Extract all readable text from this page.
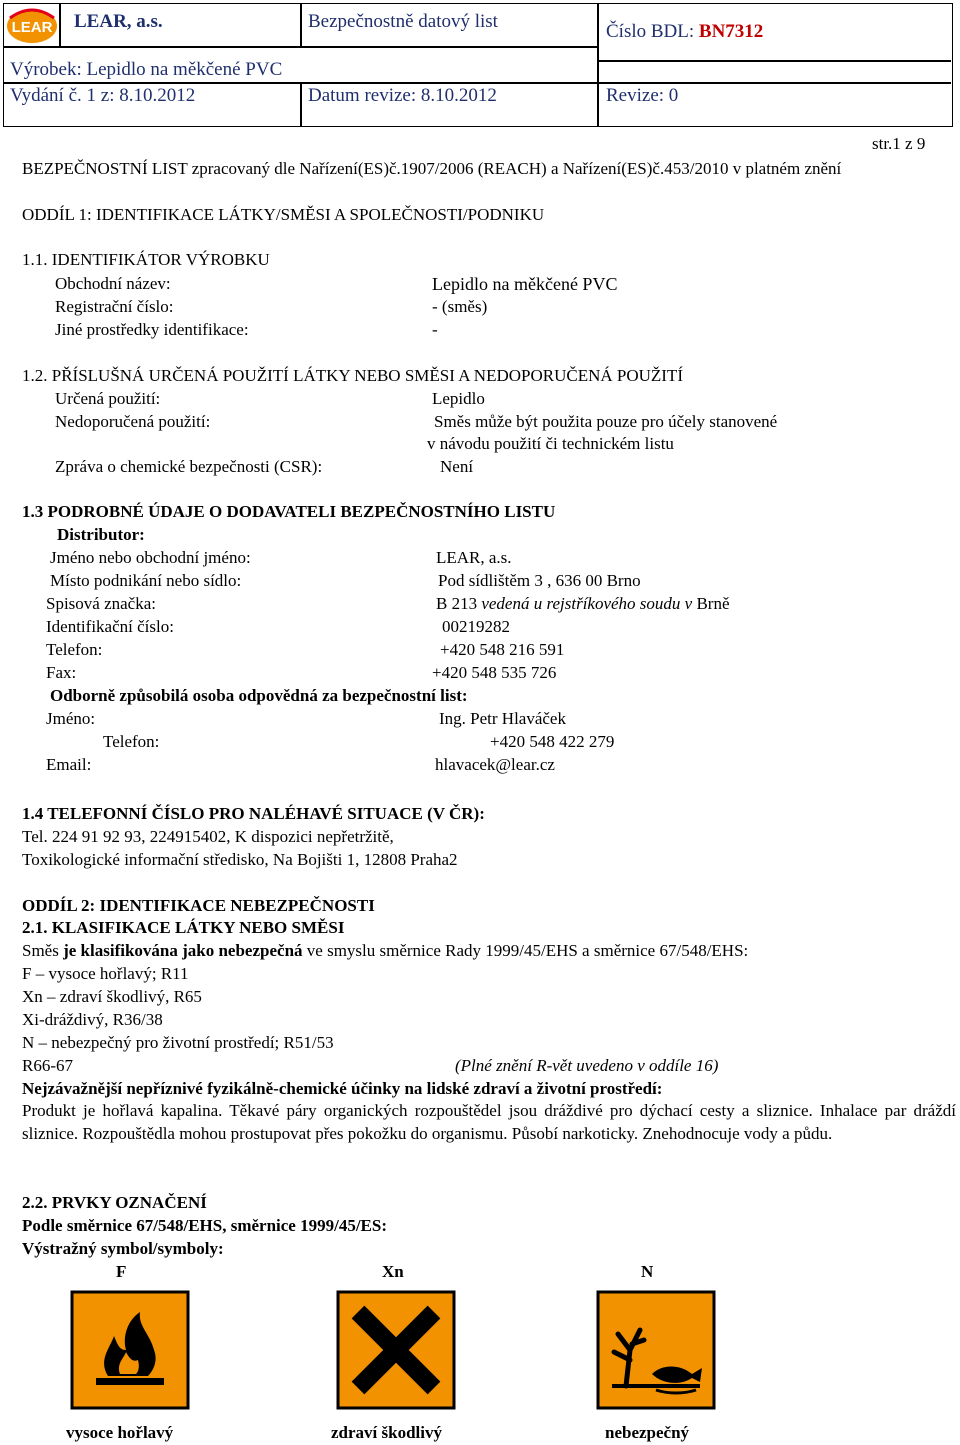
LEAR LEAR, a.s.	Bezpečnostně datový list	Číslo BDL: BN7312
Výrobek: Lepidlo na měkčené PVC
Vydání č. 1 z: 8.10.2012	Datum revize: 8.10.2012	Revize: 0
str.1 z 9
BEZPEČNOSTNÍ LIST zpracovaný dle Nařízení(ES)č.1907/2006 (REACH) a Nařízení(ES)č.453/2010 v platném znění
ODDÍL 1: IDENTIFIKACE LÁTKY/SMĚSI A SPOLEČNOSTI/PODNIKU
1.1. IDENTIFIKÁTOR VÝROBKU
Obchodní název:	Lepidlo na měkčené PVC
Registrační číslo:	- (směs)
Jiné prostředky identifikace:	-
1.2. PŘÍSLUŠNÁ URČENÁ POUŽITÍ LÁTKY NEBO SMĚSI A NEDOPORUČENÁ POUŽITÍ
Určená použití:	Lepidlo
Nedoporučená použití:	Směs může být použita pouze pro účely stanovené
v návodu použití či technickém listu
Zpráva o chemické bezpečnosti (CSR):	Není
1.3 PODROBNÉ ÚDAJE O DODAVATELI BEZPEČNOSTNÍHO LISTU
Distributor:
Jméno nebo obchodní jméno:	LEAR, a.s.
Místo podnikání nebo sídlo:	Pod sídlištěm 3 , 636 00 Brno
Spisová značka:	B 213 vedená u rejstříkového soudu v Brně
Identifikační číslo:	00219282
Telefon:	+420 548 216 591
Fax:	+420 548 535 726
Odborně způsobilá osoba odpovědná za bezpečnostní list:
Jméno:	Ing. Petr Hlaváček
Telefon:	+420 548 422 279
Email:	hlavacek@lear.cz
1.4 TELEFONNÍ ČÍSLO PRO NALÉHAVÉ SITUACE (V ČR):
Tel. 224 91 92 93, 224915402, K dispozici nepřetržitě,
Toxikologické informační středisko, Na Bojišti 1, 12808 Praha2
ODDÍL 2: IDENTIFIKACE NEBEZPEČNOSTI
2.1. KLASIFIKACE LÁTKY NEBO SMĚSI
Směs je klasifikována jako nebezpečná ve smyslu směrnice Rady 1999/45/EHS a směrnice 67/548/EHS:
F – vysoce hořlavý; R11
Xn – zdraví škodlivý, R65
Xi-dráždivý, R36/38
N – nebezpečný pro životní prostředí; R51/53
R66-67	(Plné znění R-vět uvedeno v oddíle 16)
Nejzávažnější nepříznivé fyzikálně-chemické účinky na lidské zdraví a životní prostředí:
Produkt je hořlavá kapalina. Těkavé páry organických rozpouštědel jsou dráždivé pro dýchací cesty a sliznice. Inhalace par dráždí sliznice. Rozpouštědla mohou prostupovat přes pokožku do organismu. Působí narkoticky. Znehodnocuje vody a půdu.
2.2. PRVKY OZNAČENÍ
Podle směrnice 67/548/EHS, směrnice 1999/45/ES:
Výstražný symbol/symboly:
F	Xn	N
vysoce hořlavý	zdraví škodlivý	nebezpečný
